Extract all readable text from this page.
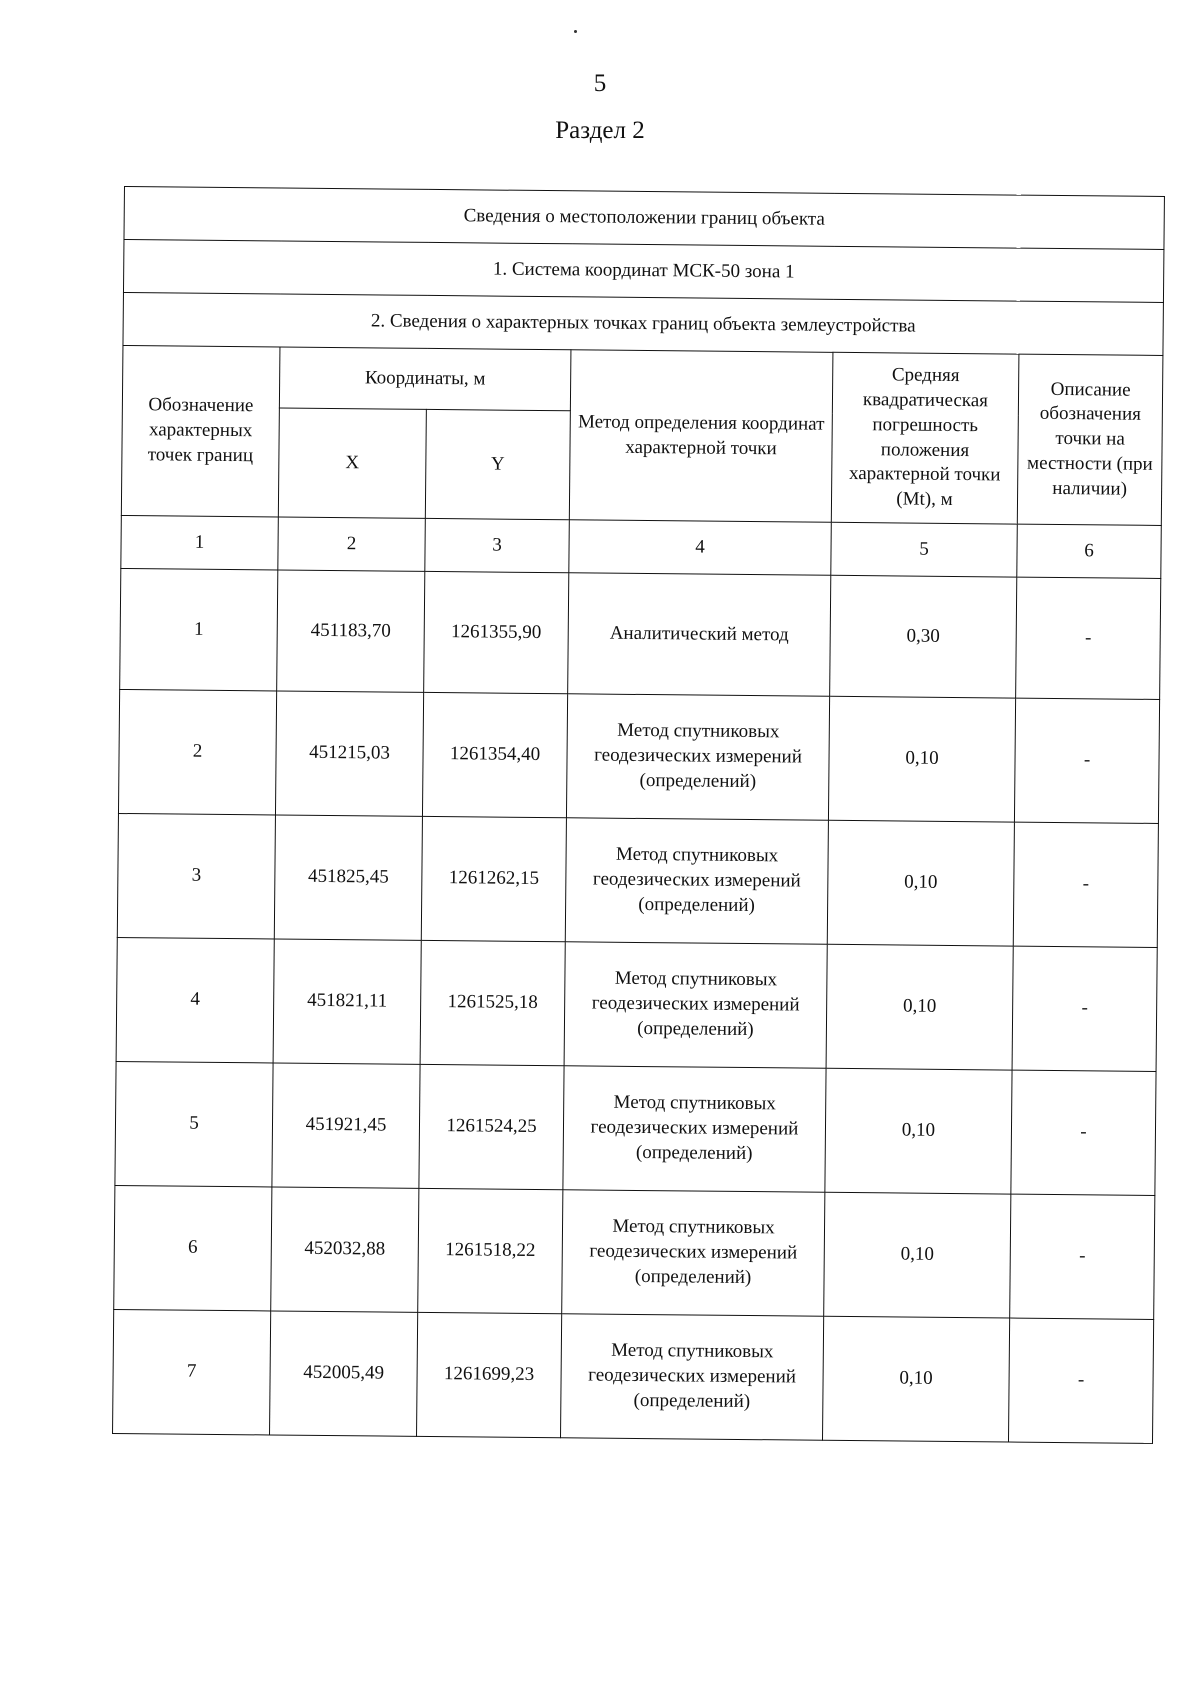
5
Раздел 2
Сведения о местоположении границ объекта					
1. Система координат МСК-50 зона 1					
2. Сведения о характерных точках границ объекта землеустройства					
Обозначение характерных точек границ	Координаты, м		Метод определения координат характерной точки	Средняя квадратическая погрешность положения характерной точки (Mt), м	Описание обозначения точки на местности (при наличии)
	X	Y			
1	2	3	4	5	6
1	451183,70	1261355,90	Аналитический метод	0,30	-
2	451215,03	1261354,40	Метод спутниковых геодезических измерений (определений)	0,10	-
3	451825,45	1261262,15	Метод спутниковых геодезических измерений (определений)	0,10	-
4	451821,11	1261525,18	Метод спутниковых геодезических измерений (определений)	0,10	-
5	451921,45	1261524,25	Метод спутниковых геодезических измерений (определений)	0,10	-
6	452032,88	1261518,22	Метод спутниковых геодезических измерений (определений)	0,10	-
7	452005,49	1261699,23	Метод спутниковых геодезических измерений (определений)	0,10	-
